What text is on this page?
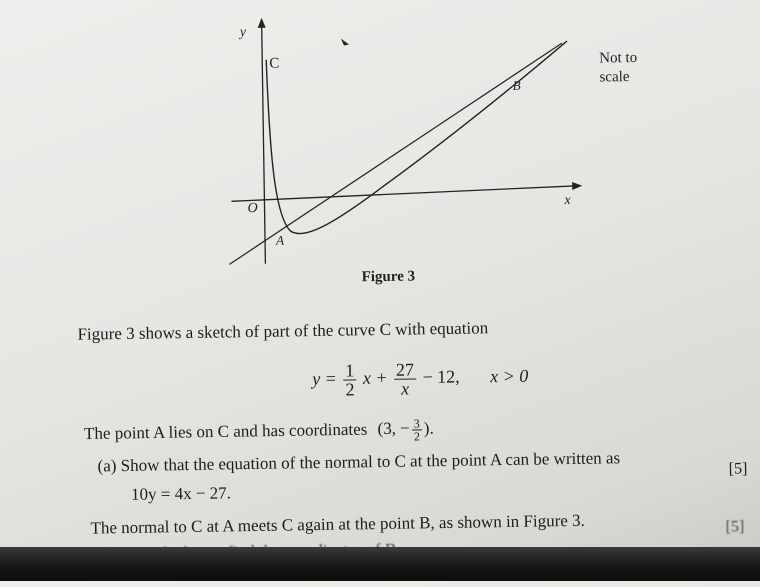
y
x
O
C
A
B
Not to
scale
Figure 3
Figure 3 shows a sketch of part of the curve C with equation
$y = \frac{1}{2}$ $x + \frac{27}{x} - 12$, x > 0
The point A lies on C and has coordinates (3, − $\frac{3}{2}$ ).
(a) Show that the equation of the normal to C at the point A can be written as
10y = 4x − 27.
[5]
The normal to C at A meets C again at the point B, as shown in Figure 3.	[5]
